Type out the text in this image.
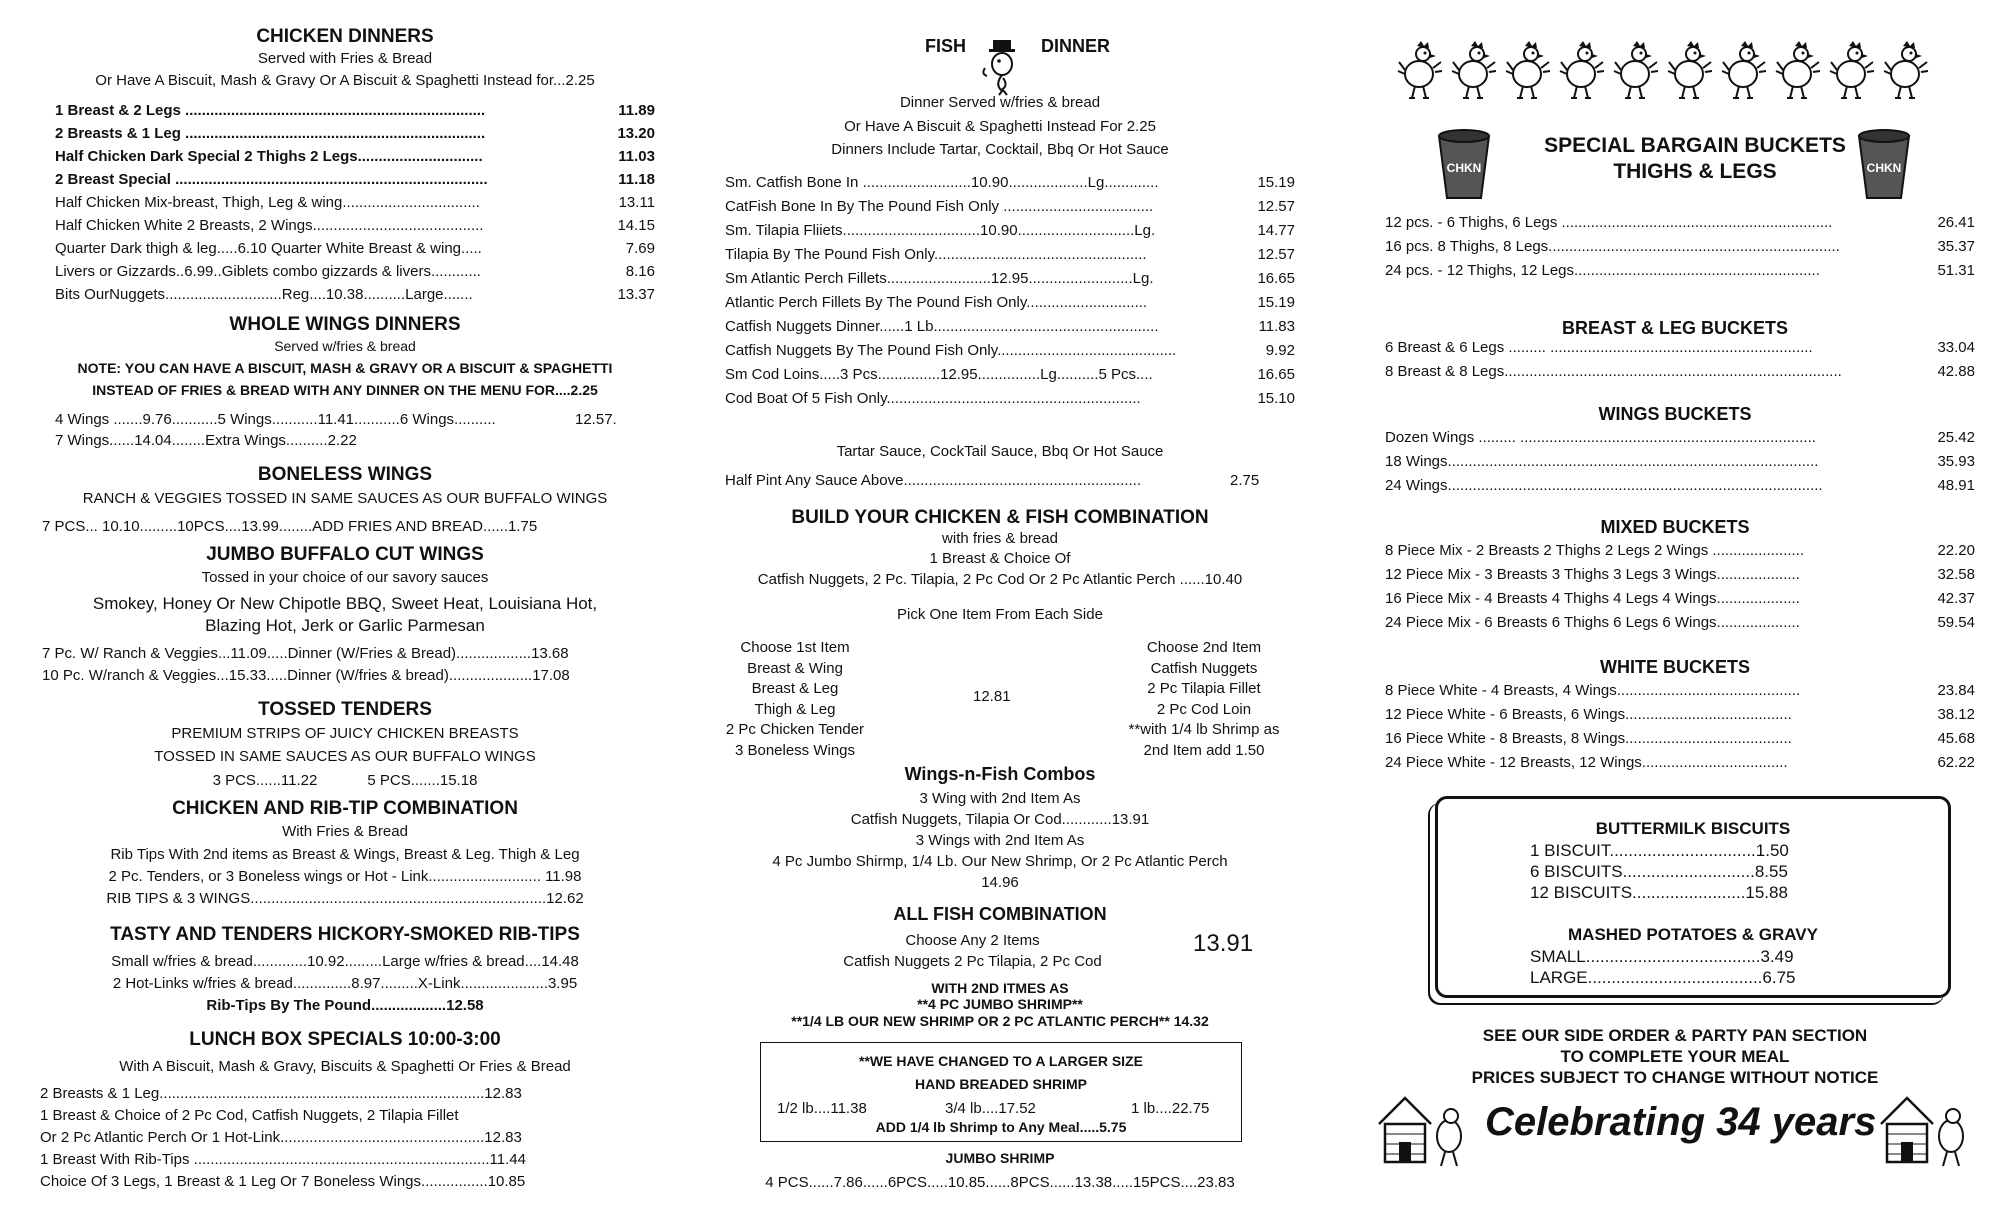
CHICKEN DINNERS
Served with Fries & Bread
Or Have A Biscuit, Mash & Gravy Or A Biscuit & Spaghetti Instead for...2.25
1 Breast & 2 Legs ........................................................................	11.89
2 Breasts & 1 Leg ........................................................................	13.20
Half Chicken Dark Special 2 Thighs 2 Legs..............................	11.03
2 Breast Special ...........................................................................	11.18
Half Chicken Mix-breast, Thigh, Leg & wing.................................	13.11
Half Chicken White 2 Breasts, 2 Wings.........................................	14.15
Quarter Dark thigh & leg.....6.10 Quarter White Breast & wing.....	7.69
Livers or Gizzards..6.99..Giblets combo gizzards & livers............	8.16
Bits OurNuggets............................Reg....10.38..........Large.......	13.37
WHOLE WINGS DINNERS
Served w/fries & bread
NOTE: YOU CAN HAVE A BISCUIT, MASH & GRAVY OR A BISCUIT & SPAGHETTI
INSTEAD OF FRIES & BREAD WITH ANY DINNER ON THE MENU FOR....2.25
4 Wings .......9.76...........5 Wings...........11.41...........6 Wings..........	12.57.
7 Wings......14.04........Extra Wings..........2.22
BONELESS WINGS
RANCH & VEGGIES TOSSED IN SAME SAUCES AS OUR BUFFALO WINGS
7 PCS... 10.10.........10PCS....13.99........ADD FRIES AND BREAD......1.75
JUMBO BUFFALO CUT WINGS
Tossed in your choice of our savory sauces
Smokey, Honey Or New Chipotle BBQ, Sweet Heat, Louisiana Hot,
Blazing Hot, Jerk or Garlic Parmesan
7 Pc. W/ Ranch & Veggies...11.09.....Dinner (W/Fries & Bread)..................13.68
10 Pc. W/ranch & Veggies...15.33.....Dinner (W/fries & bread)....................17.08
TOSSED TENDERS
PREMIUM STRIPS OF JUICY CHICKEN BREASTS
TOSSED IN SAME SAUCES AS OUR BUFFALO WINGS
3 PCS......11.22            5 PCS.......15.18
CHICKEN AND RIB-TIP COMBINATION
With Fries & Bread
Rib Tips With 2nd items as Breast & Wings, Breast & Leg. Thigh & Leg
2 Pc. Tenders, or 3 Boneless wings or Hot - Link........................... 11.98
RIB TIPS & 3 WINGS.......................................................................12.62
TASTY AND TENDERS HICKORY-SMOKED RIB-TIPS
Small w/fries & bread.............10.92.........Large w/fries & bread....14.48
2 Hot-Links w/fries & bread..............8.97.........X-Link.....................3.95
Rib-Tips By The Pound..................12.58
LUNCH BOX SPECIALS 10:00-3:00
With A Biscuit, Mash & Gravy, Biscuits & Spaghetti Or Fries & Bread
2 Breasts & 1 Leg..............................................................................12.83
1 Breast & Choice of 2 Pc Cod, Catfish Nuggets, 2 Tilapia Fillet
Or 2 Pc Atlantic Perch Or 1 Hot-Link.................................................12.83
1 Breast With Rib-Tips .......................................................................11.44
Choice Of 3 Legs, 1 Breast & 1 Leg Or 7 Boneless Wings................10.85
FISH	DINNER
Dinner Served w/fries & bread
Or Have A Biscuit & Spaghetti Instead For 2.25
Dinners Include Tartar, Cocktail, Bbq Or Hot Sauce
Sm. Catfish Bone In ..........................10.90...................Lg.............	15.19
CatFish Bone In By The Pound Fish Only ....................................	12.57
Sm. Tilapia Fliiets.................................10.90............................Lg.	14.77
Tilapia By The Pound Fish Only...................................................	12.57
Sm Atlantic Perch Fillets.........................12.95.........................Lg.	16.65
Atlantic Perch Fillets By The Pound Fish Only.............................	15.19
Catfish Nuggets Dinner......1 Lb......................................................	11.83
Catfish Nuggets By The Pound Fish Only...........................................	9.92
Sm Cod Loins.....3 Pcs...............12.95...............Lg..........5 Pcs....	16.65
Cod Boat Of 5 Fish Only.............................................................	15.10
Tartar Sauce, CockTail Sauce, Bbq Or Hot Sauce
Half Pint Any Sauce Above.........................................................	2.75
BUILD YOUR CHICKEN & FISH COMBINATION
with fries & bread
1 Breast & Choice Of
Catfish Nuggets, 2 Pc. Tilapia, 2 Pc Cod Or 2 Pc Atlantic Perch ......10.40
Pick One Item From Each Side
Choose 1st Item
Breast & Wing
Breast & Leg
Thigh & Leg
2 Pc Chicken Tender
3 Boneless Wings
12.81
Choose 2nd Item
Catfish Nuggets
2 Pc Tilapia Fillet
2 Pc Cod Loin
**with 1/4 lb Shrimp as
2nd Item add 1.50
Wings-n-Fish Combos
3 Wing with 2nd Item As
Catfish Nuggets, Tilapia Or Cod............13.91
3 Wings with 2nd Item As
4 Pc Jumbo Shirmp, 1/4 Lb. Our New Shrimp, Or 2 Pc Atlantic Perch
14.96
ALL FISH COMBINATION
Choose Any 2 Items
Catfish Nuggets 2 Pc Tilapia, 2 Pc Cod
13.91
WITH 2ND ITMES AS
**4 PC JUMBO SHRIMP**
**1/4 LB OUR NEW SHRIMP OR 2 PC ATLANTIC PERCH** 14.32
**WE HAVE CHANGED TO A LARGER SIZE
HAND BREADED SHRIMP
1/2 lb....11.38	3/4 lb....17.52	1 lb....22.75
ADD 1/4 lb Shrimp to Any Meal.....5.75
JUMBO SHRIMP
4 PCS......7.86......6PCS.....10.85......8PCS......13.38.....15PCS....23.83
CHKN
SPECIAL BARGAIN BUCKETS
THIGHS & LEGS	CHKN
12 pcs. - 6 Thighs, 6 Legs .................................................................	26.41
16 pcs. 8 Thighs, 8 Legs......................................................................	35.37
24 pcs. - 12 Thighs, 12 Legs...........................................................	51.31
BREAST & LEG BUCKETS
6 Breast & 6 Legs ......... ...............................................................	33.04
8 Breast & 8 Legs.................................................................................	42.88
WINGS BUCKETS
Dozen Wings ......... .......................................................................	25.42
18 Wings.........................................................................................	35.93
24 Wings..........................................................................................	48.91
MIXED BUCKETS
8 Piece Mix - 2 Breasts 2 Thighs 2 Legs 2 Wings ......................	22.20
12 Piece Mix - 3 Breasts 3 Thighs 3 Legs 3 Wings....................	32.58
16 Piece Mix - 4 Breasts 4 Thighs 4 Legs 4 Wings....................	42.37
24 Piece Mix - 6 Breasts 6 Thighs 6 Legs 6 Wings....................	59.54
WHITE BUCKETS
8 Piece White - 4 Breasts, 4 Wings............................................	23.84
12 Piece White - 6 Breasts, 6 Wings........................................	38.12
16 Piece White - 8 Breasts, 8 Wings........................................	45.68
24 Piece White - 12 Breasts, 12 Wings...................................	62.22
BUTTERMILK BISCUITS
1 BISCUIT...............................1.50
6 BISCUITS............................8.55
12 BISCUITS........................15.88
MASHED POTATOES & GRAVY
SMALL.....................................3.49
LARGE.....................................6.75
SEE OUR SIDE ORDER & PARTY PAN SECTION
TO COMPLETE YOUR MEAL
PRICES SUBJECT TO CHANGE WITHOUT NOTICE
Celebrating 34 years
